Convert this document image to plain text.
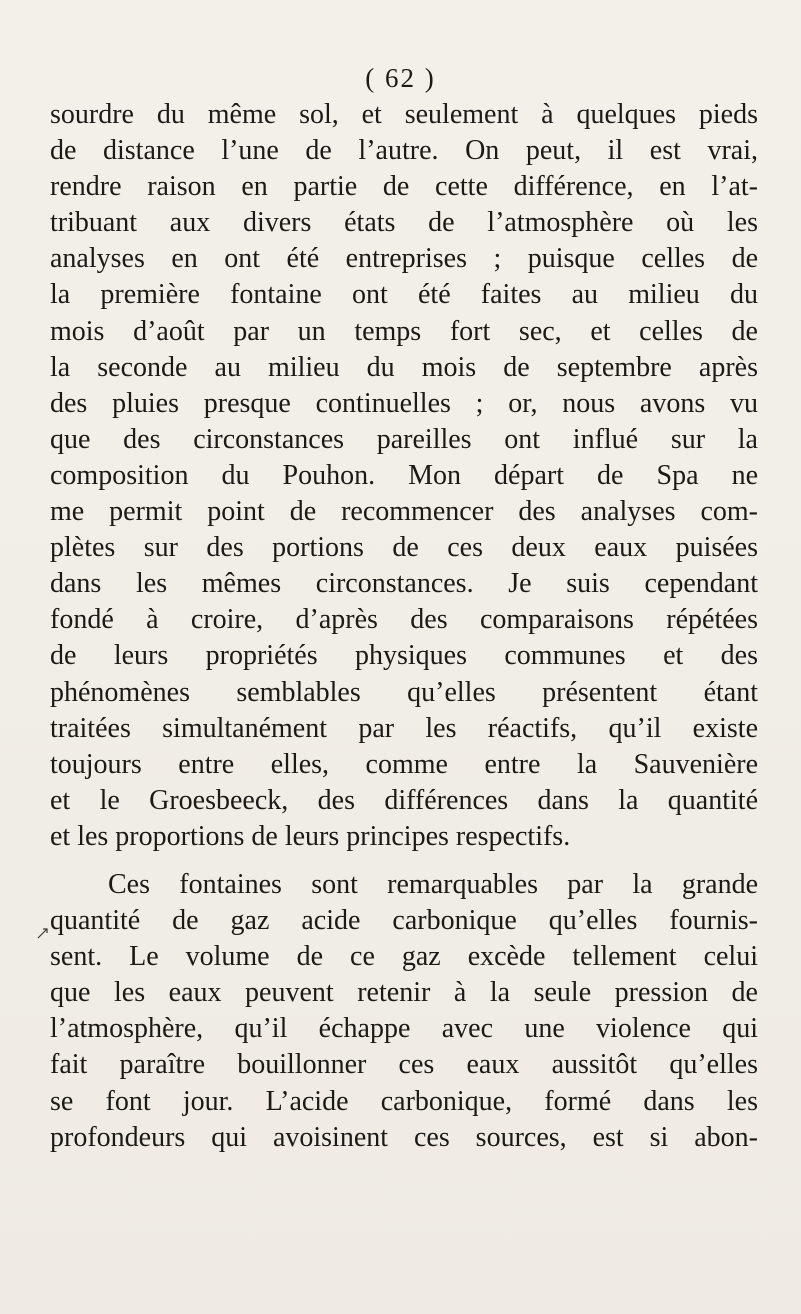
( 62 )
sourdre du même sol, et seulement à quelques pieds
de distance l’une de l’autre. On peut, il est vrai,
rendre raison en partie de cette différence, en l’at-
tribuant aux divers états de l’atmosphère où les
analyses en ont été entreprises ; puisque celles de
la première fontaine ont été faites au milieu du
mois d’août par un temps fort sec, et celles de
la seconde au milieu du mois de septembre après
des pluies presque continuelles ; or, nous avons vu
que des circonstances pareilles ont influé sur la
composition du Pouhon. Mon départ de Spa ne
me permit point de recommencer des analyses com-
plètes sur des portions de ces deux eaux puisées
dans les mêmes circonstances. Je suis cependant
fondé à croire, d’après des comparaisons répétées
de leurs propriétés physiques communes et des
phénomènes semblables qu’elles présentent étant
traitées simultanément par les réactifs, qu’il existe
toujours entre elles, comme entre la Sauvenière
et le Groesbeeck, des différences dans la quantité
et les proportions de leurs principes respectifs.
Ces fontaines sont remarquables par la grande
quantité de gaz acide carbonique qu’elles fournis-
sent. Le volume de ce gaz excède tellement celui
que les eaux peuvent retenir à la seule pression de
l’atmosphère, qu’il échappe avec une violence qui
fait paraître bouillonner ces eaux aussitôt qu’elles
se font jour. L’acide carbonique, formé dans les
profondeurs qui avoisinent ces sources, est si abon-
